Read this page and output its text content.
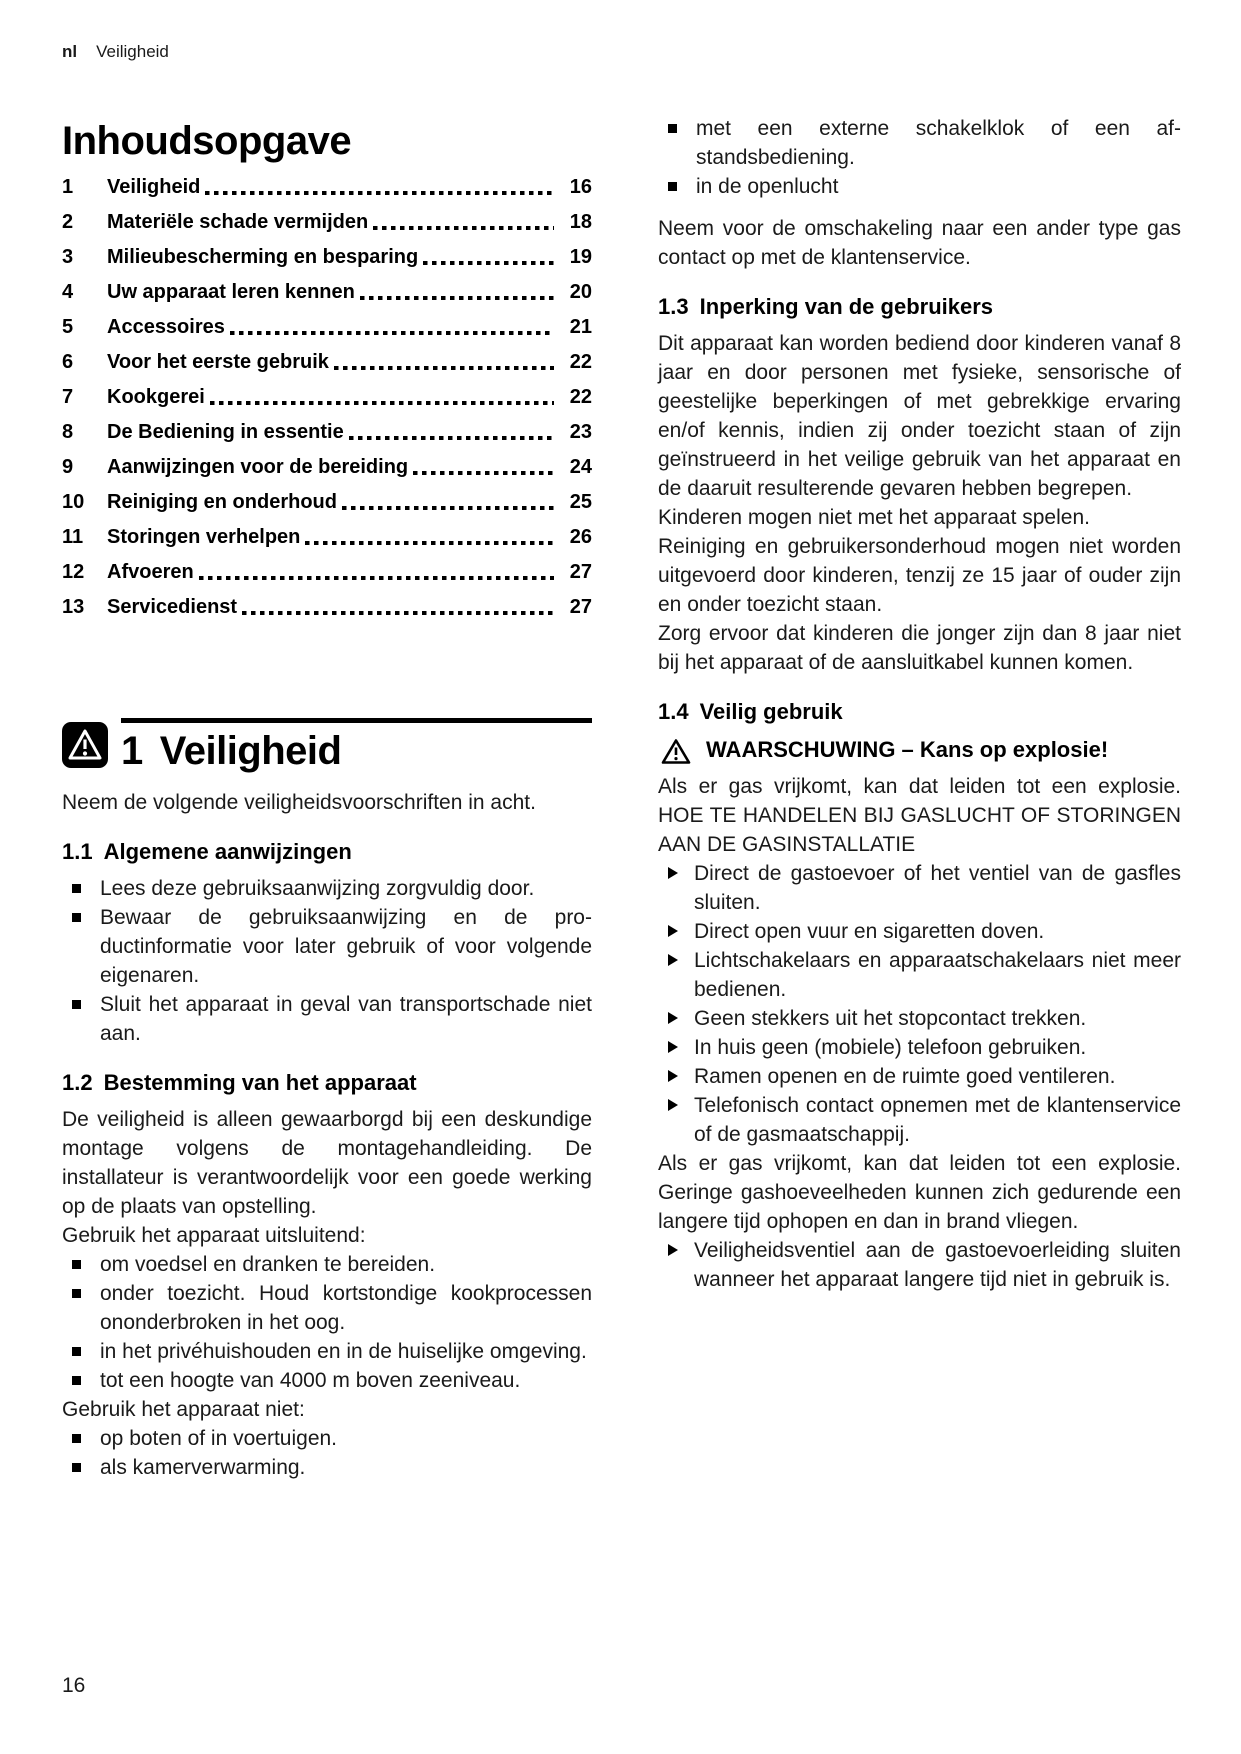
nl Veiligheid
Inhoudsopgave
1	Veiligheid	16
2	Materiële schade vermijden	18
3	Milieubescherming en besparing	19
4	Uw apparaat leren kennen	20
5	Accessoires	21
6	Voor het eerste gebruik	22
7	Kookgerei	22
8	De Bediening in essentie	23
9	Aanwijzingen voor de bereiding	24
10	Reiniging en onderhoud	25
11	Storingen verhelpen	26
12	Afvoeren	27
13	Servicedienst	27
1 Veiligheid

Neem de volgende veiligheidsvoorschriften in acht.

1.1 Algemene aanwijzingen
Lees deze gebruiksaanwijzing zorgvuldig door.
Bewaar de gebruiksaanwijzing en de productinformatie voor later gebruik of voor volgende eigenaren.
Sluit het apparaat in geval van transportschade niet aan.
1.2 Bestemming van het apparaat

De veiligheid is alleen gewaarborgd bij een deskundige montage volgens de montagehandleiding. De installateur is verantwoordelijk voor een goede werking op de plaats van opstelling.

Gebruik het apparaat uitsluitend:

om voedsel en dranken te bereiden.
onder toezicht. Houd kortstondige kookprocessen ononderbroken in het oog.
in het privéhuishouden en in de huiselijke omgeving.
tot een hoogte van 4000 m boven zeeniveau.

Gebruik het apparaat niet:

op boten of in voertuigen.
als kamerverwarming.
met een externe schakelklok of een afstandsbediening.
in de openlucht

Neem voor de omschakeling naar een ander type gas contact op met de klantenservice.

1.3 Inperking van de gebruikers

Dit apparaat kan worden bediend door kinderen vanaf 8 jaar en door personen met fysieke, sensorische of geestelijke beperkingen of met gebrekkige ervaring en/of kennis, indien zij onder toezicht staan of zijn geïnstrueerd in het veilige gebruik van het apparaat en de daaruit resulterende gevaren hebben begrepen.

Kinderen mogen niet met het apparaat spelen.

Reiniging en gebruikersonderhoud mogen niet worden uitgevoerd door kinderen, tenzij ze 15 jaar of ouder zijn en onder toezicht staan.

Zorg ervoor dat kinderen die jonger zijn dan 8 jaar niet bij het apparaat of de aansluitkabel kunnen komen.

1.4 Veilig gebruik
WAARSCHUWING – Kans op explosie!

Als er gas vrijkomt, kan dat leiden tot een explosie. HOE TE HANDELEN BIJ GASLUCHT OF STORINGEN AAN DE GASINSTALLATIE

Direct de gastoevoer of het ventiel van de gasfles sluiten.
Direct open vuur en sigaretten doven.
Lichtschakelaars en apparaatschakelaars niet meer bedienen.
Geen stekkers uit het stopcontact trekken.
In huis geen (mobiele) telefoon gebruiken.
Ramen openen en de ruimte goed ventileren.
Telefonisch contact opnemen met de klantenservice of de gasmaatschappij.

Als er gas vrijkomt, kan dat leiden tot een explosie. Geringe gashoeveelheden kunnen zich gedurende een langere tijd ophopen en dan in brand vliegen.

Veiligheidsventiel aan de gastoevoerleiding sluiten wanneer het apparaat langere tijd niet in gebruik is.
16
